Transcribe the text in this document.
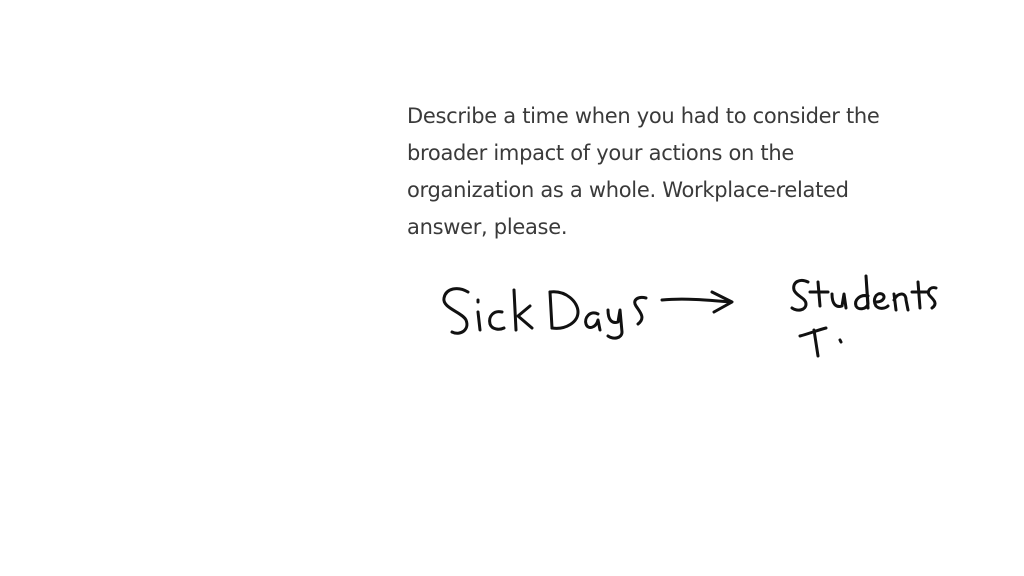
Describe a time when you had to consider the broader impact of your actions on the organization as a whole. Workplace-related answer, please.
